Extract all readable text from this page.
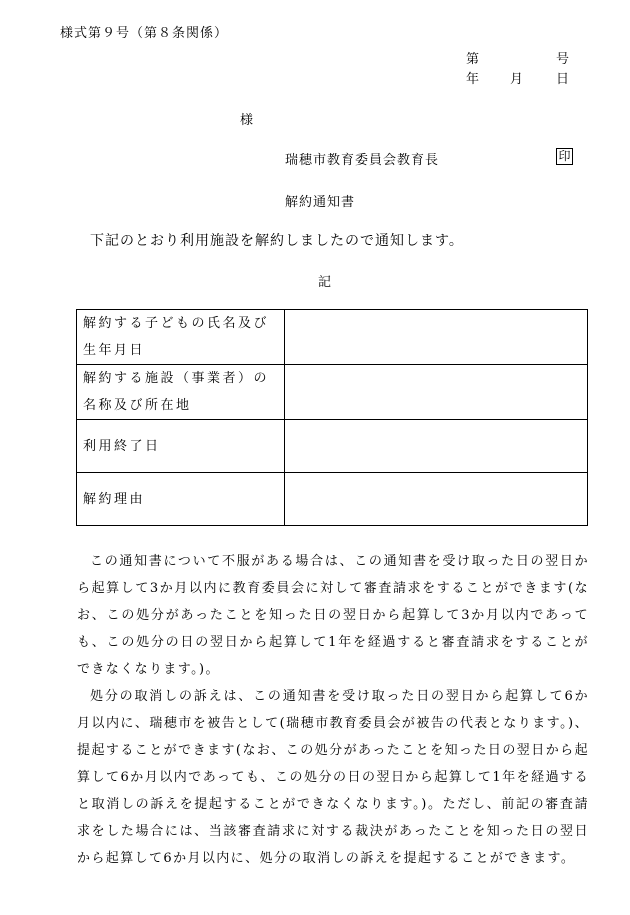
様式第９号（第８条関係）
第	号
年 月 日
様
瑞穂市教育委員会教育長	印
解約通知書
下記のとおり利用施設を解約しましたので通知します。
記
解約する子どもの氏名及び生年月日	
解約する施設（事業者）の名称及び所在地	
利用終了日	
解約理由	

この通知書について不服がある場合は、この通知書を受け取った日の翌日から起算して3か月以内に教育委員会に対して審査請求をすることができます(なお、この処分があったことを知った日の翌日から起算して3か月以内であっても、この処分の日の翌日から起算して1年を経過すると審査請求をすることができなくなります。)。

処分の取消しの訴えは、この通知書を受け取った日の翌日から起算して6か月以内に、瑞穂市を被告として(瑞穂市教育委員会が被告の代表となります。)、提起することができます(なお、この処分があったことを知った日の翌日から起算して6か月以内であっても、この処分の日の翌日から起算して1年を経過すると取消しの訴えを提起することができなくなります。)。ただし、前記の審査請求をした場合には、当該審査請求に対する裁決があったことを知った日の翌日から起算して6か月以内に、処分の取消しの訴えを提起することができます。
